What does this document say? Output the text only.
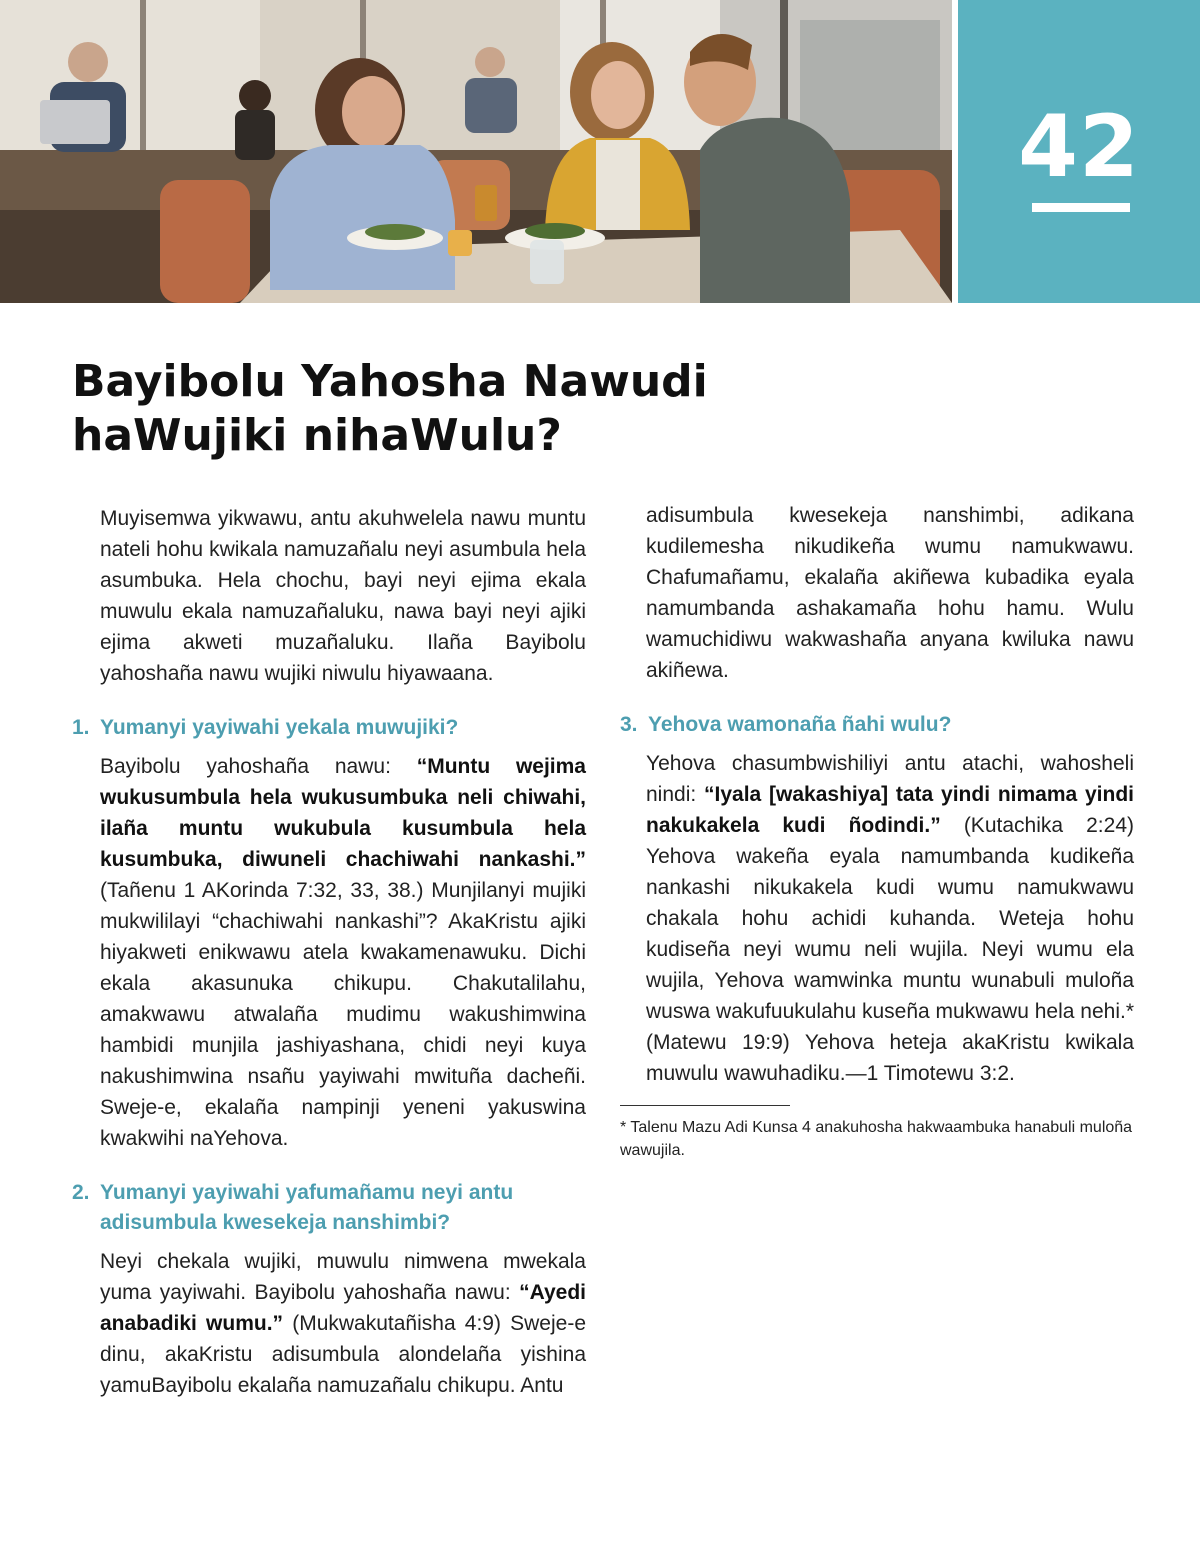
42
Bayibolu Yahosha Nawudi
haWujiki nihaWulu?

Muyisemwa yikwawu, antu akuhwelela nawu muntu nateli hohu kwikala namuzañalu neyi asumbula hela asumbuka. Hela chochu, bayi neyi ejima ekala muwulu ekala namuzañaluku, nawa bayi neyi ajiki ejima akweti muzañaluku. Ilaña Bayibolu yahoshaña nawu wujiki niwulu hiyawaana.

1. Yumanyi yayiwahi yekala muwujiki?

Bayibolu yahoshaña nawu: “Muntu wejima wukusumbula hela wukusumbuka neli chiwahi, ilaña muntu wukubula kusumbula hela kusumbuka, diwuneli chachiwahi nankashi.” (Tañenu 1 AKorinda 7:32, 33, 38.) Munjilanyi mujiki mukwililayi “chachiwahi nankashi”? AkaKristu ajiki hiyakweti enikwawu atela kwakamenawuku. Dichi ekala akasunuka chikupu. Chakutalilahu, amakwawu atwalaña mudimu wakushimwina hambidi munjila jashiyashana, chidi neyi kuya nakushimwina nsañu yayiwahi mwituña dacheñi. Sweje-e, ekalaña nampinji yeneni yakuswina kwakwihi naYehova.

2. Yumanyi yayiwahi yafumañamu neyi antu adisumbula kwesekeja nanshimbi?

Neyi chekala wujiki, muwulu nimwena mwekala yuma yayiwahi. Bayibolu yahoshaña nawu: “Ayedi anabadiki wumu.” (Mukwakutañisha 4:9) Sweje-e dinu, akaKristu adisumbula alondelaña yishina yamuBayibolu ekalaña namuzañalu chikupu. Antu

adisumbula kwesekeja nanshimbi, adikana kudilemesha nikudikeña wumu namukwawu. Chafumañamu, ekalaña akiñewa kubadika eyala namumbanda ashakamaña hohu hamu. Wulu wamuchidiwu wakwashaña anyana kwiluka nawu akiñewa.

3. Yehova wamonaña ñahi wulu?

Yehova chasumbwishiliyi antu atachi, wahosheli nindi: “Iyala [wakashiya] tata yindi nimama yindi nakukakela kudi ñodindi.” (Kutachika 2:24) Yehova wakeña eyala namumbanda kudikeña nankashi nikukakela kudi wumu namukwawu chakala hohu achidi kuhanda. Weteja hohu kudiseña neyi wumu neli wujila. Neyi wumu ela wujila, Yehova wamwinka muntu wunabuli muloña wuswa wakufuukulahu kuseña mukwawu hela nehi.* (Matewu 19:9) Yehova heteja akaKristu kwikala muwulu wawuhadiku.—1 Timotewu 3:2.

* Talenu Mazu Adi Kunsa 4 anakuhosha hakwaambuka hanabuli muloña wawujila.
